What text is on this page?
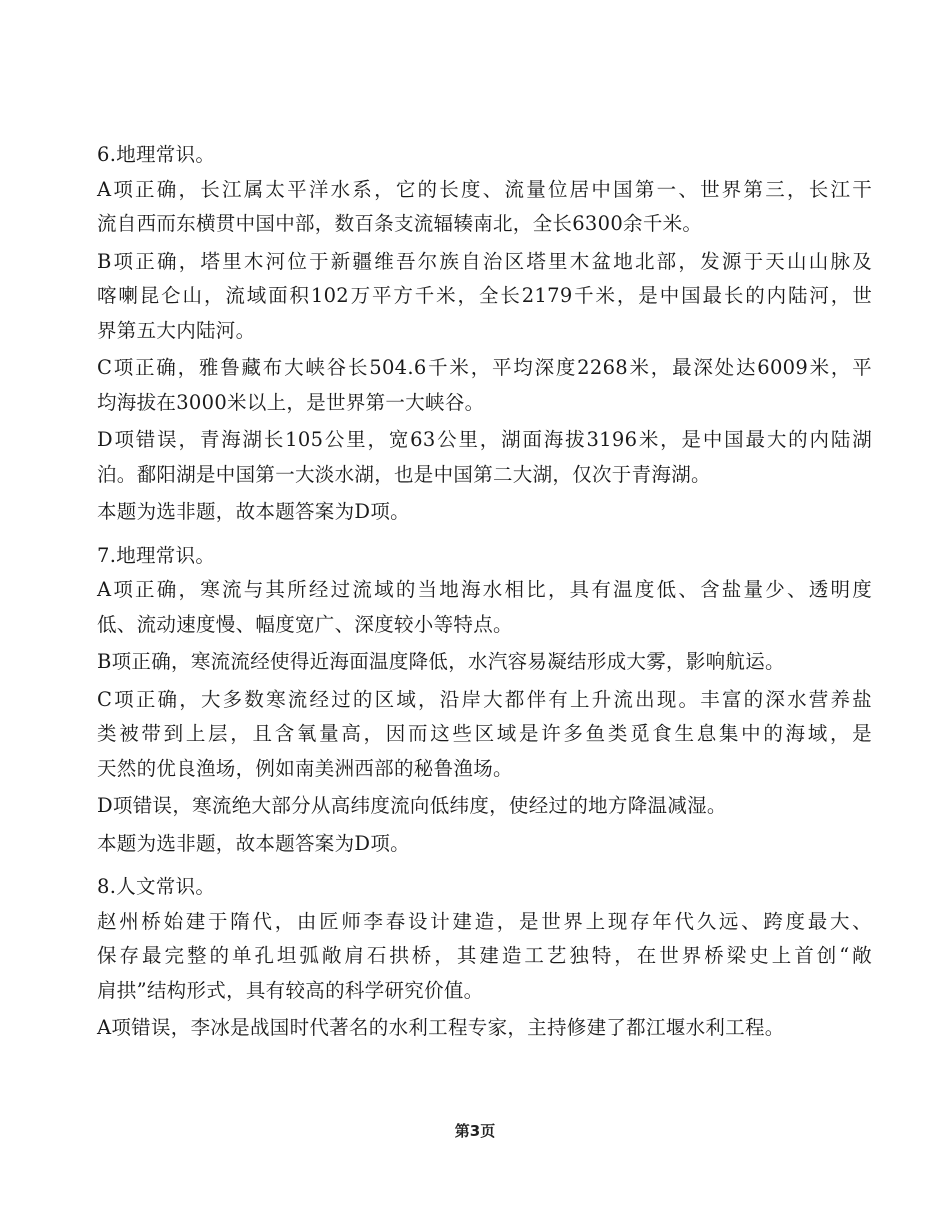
6.地理常识。
A项正确，长江属太平洋水系，它的长度、流量位居中国第一、世界第三，长江干
流自西而东横贯中国中部，数百条支流辐辏南北，全长6300余千米。
B项正确，塔里木河位于新疆维吾尔族自治区塔里木盆地北部，发源于天山山脉及
喀喇昆仑山，流域面积102万平方千米，全长2179千米，是中国最长的内陆河，世
界第五大内陆河。
C项正确，雅鲁藏布大峡谷长504.6千米，平均深度2268米，最深处达6009米，平
均海拔在3000米以上，是世界第一大峡谷。
D项错误，青海湖长105公里，宽63公里，湖面海拔3196米，是中国最大的内陆湖
泊。鄱阳湖是中国第一大淡水湖，也是中国第二大湖，仅次于青海湖。
本题为选非题，故本题答案为D项。
7.地理常识。
A项正确，寒流与其所经过流域的当地海水相比，具有温度低、含盐量少、透明度
低、流动速度慢、幅度宽广、深度较小等特点。
B项正确，寒流流经使得近海面温度降低，水汽容易凝结形成大雾，影响航运。
C项正确，大多数寒流经过的区域，沿岸大都伴有上升流出现。丰富的深水营养盐
类被带到上层，且含氧量高，因而这些区域是许多鱼类觅食生息集中的海域，是
天然的优良渔场，例如南美洲西部的秘鲁渔场。
D项错误，寒流绝大部分从高纬度流向低纬度，使经过的地方降温减湿。
本题为选非题，故本题答案为D项。
8.人文常识。
赵州桥始建于隋代，由匠师李春设计建造，是世界上现存年代久远、跨度最大、
保存最完整的单孔坦弧敞肩石拱桥，其建造工艺独特，在世界桥梁史上首创“敞
肩拱”结构形式，具有较高的科学研究价值。
A项错误，李冰是战国时代著名的水利工程专家，主持修建了都江堰水利工程。
第3页
